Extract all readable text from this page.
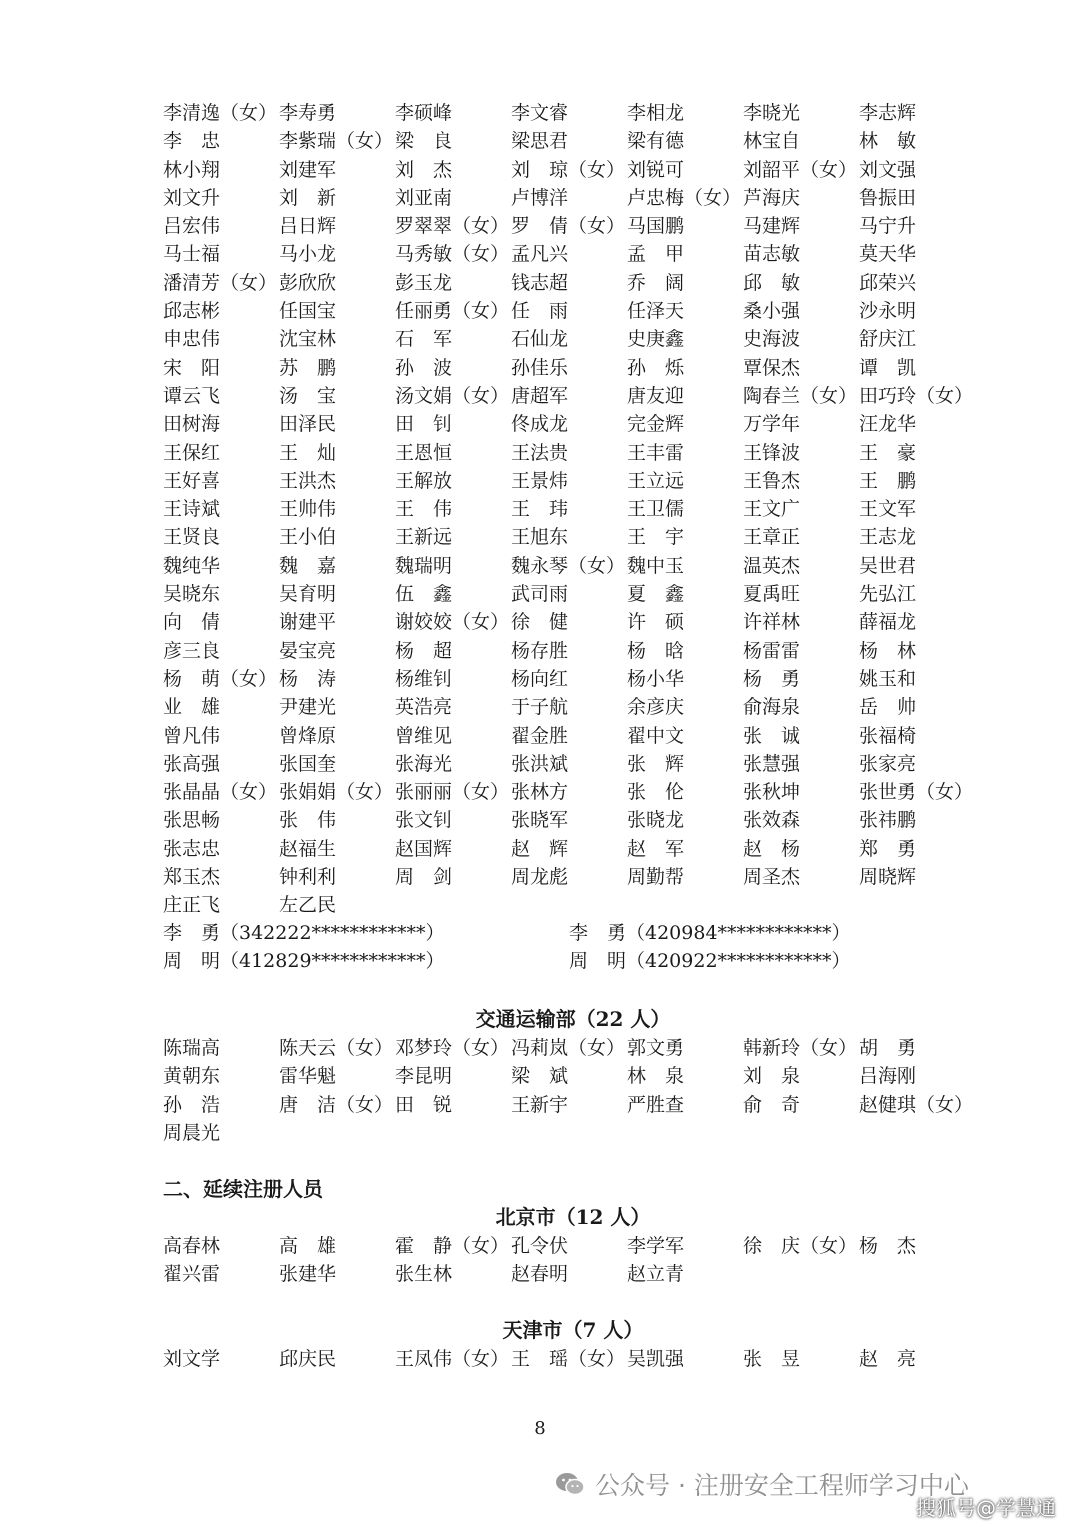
李清逸（女） 李寿勇	李硕峰	李文睿	李相龙	李晓光	李志辉
李　忠	李紫瑞（女） 梁　良	梁思君	梁有德	林宝自	林　敏
林小翔	刘建军	刘　杰	刘　琼（女） 刘锐可	刘韶平（女） 刘文强
刘文升	刘　新	刘亚南	卢博洋	卢忠梅（女） 芦海庆	鲁振田
吕宏伟	吕日辉	罗翠翠（女） 罗　倩（女） 马国鹏	马建辉	马宁升
马士福	马小龙	马秀敏（女） 孟凡兴	孟　甲	苗志敏	莫天华
潘清芳（女） 彭欣欣	彭玉龙	钱志超	乔　阔	邱　敏	邱荣兴
邱志彬	任国宝	任丽勇（女） 任　雨	任泽天	桑小强	沙永明
申忠伟	沈宝林	石　军	石仙龙	史庚鑫	史海波	舒庆江
宋　阳	苏　鹏	孙　波	孙佳乐	孙　烁	覃保杰	谭　凯
谭云飞	汤　宝	汤文娟（女） 唐超军	唐友迎	陶春兰（女） 田巧玲（女）
田树海	田泽民	田　钊	佟成龙	完金辉	万学年	汪龙华
王保红	王　灿	王恩恒	王法贵	王丰雷	王锋波	王　豪
王好喜	王洪杰	王解放	王景炜	王立远	王鲁杰	王　鹏
王诗斌	王帅伟	王　伟	王　玮	王卫儒	王文广	王文军
王贤良	王小伯	王新远	王旭东	王　宇	王章正	王志龙
魏纯华	魏　嘉	魏瑞明	魏永琴（女） 魏中玉	温英杰	吴世君
吴晓东	吴育明	伍　鑫	武司雨	夏　鑫	夏禹旺	先弘江
向　倩	谢建平	谢姣姣（女） 徐　健	许　硕	许祥林	薛福龙
彦三良	晏宝亮	杨　超	杨存胜	杨　晗	杨雷雷	杨　林
杨　萌（女） 杨　涛	杨维钊	杨向红	杨小华	杨　勇	姚玉和
业　雄	尹建光	英浩亮	于子航	余彦庆	俞海泉	岳　帅
曾凡伟	曾烽原	曾维见	翟金胜	翟中文	张　诚	张福椅
张高强	张国奎	张海光	张洪斌	张　辉	张慧强	张家亮
张晶晶（女） 张娟娟（女） 张丽丽（女） 张林方	张　伦	张秋坤	张世勇（女）
张思畅	张　伟	张文钊	张晓军	张晓龙	张效森	张祎鹏
张志忠	赵福生	赵国辉	赵　辉	赵　军	赵　杨	郑　勇
郑玉杰	钟利利	周　剑	周龙彪	周勤帮	周圣杰	周晓辉
庄正飞	左乙民
李　勇（342222************）	李　勇（420984************）
周　明（412829************）	周　明（420922************）
交通运输部（22 人）
陈瑞高	陈天云（女） 邓梦玲（女） 冯莉岚（女） 郭文勇	韩新玲（女） 胡　勇
黄朝东	雷华魁	李昆明	梁　斌	林　泉	刘　泉	吕海刚
孙　浩	唐　洁（女） 田　锐	王新宇	严胜查	俞　奇	赵健琪（女）
周晨光
二、延续注册人员
北京市（12 人）
高春林	高　雄	霍　静（女） 孔令伏	李学军	徐　庆（女） 杨　杰
翟兴雷	张建华	张生林	赵春明	赵立青
天津市（7 人）
刘文学	邱庆民	王凤伟（女） 王　瑶（女） 吴凯强	张　昱	赵　亮
8
公众号 · 注册安全工程师学习中心
搜狐号@学慧通
